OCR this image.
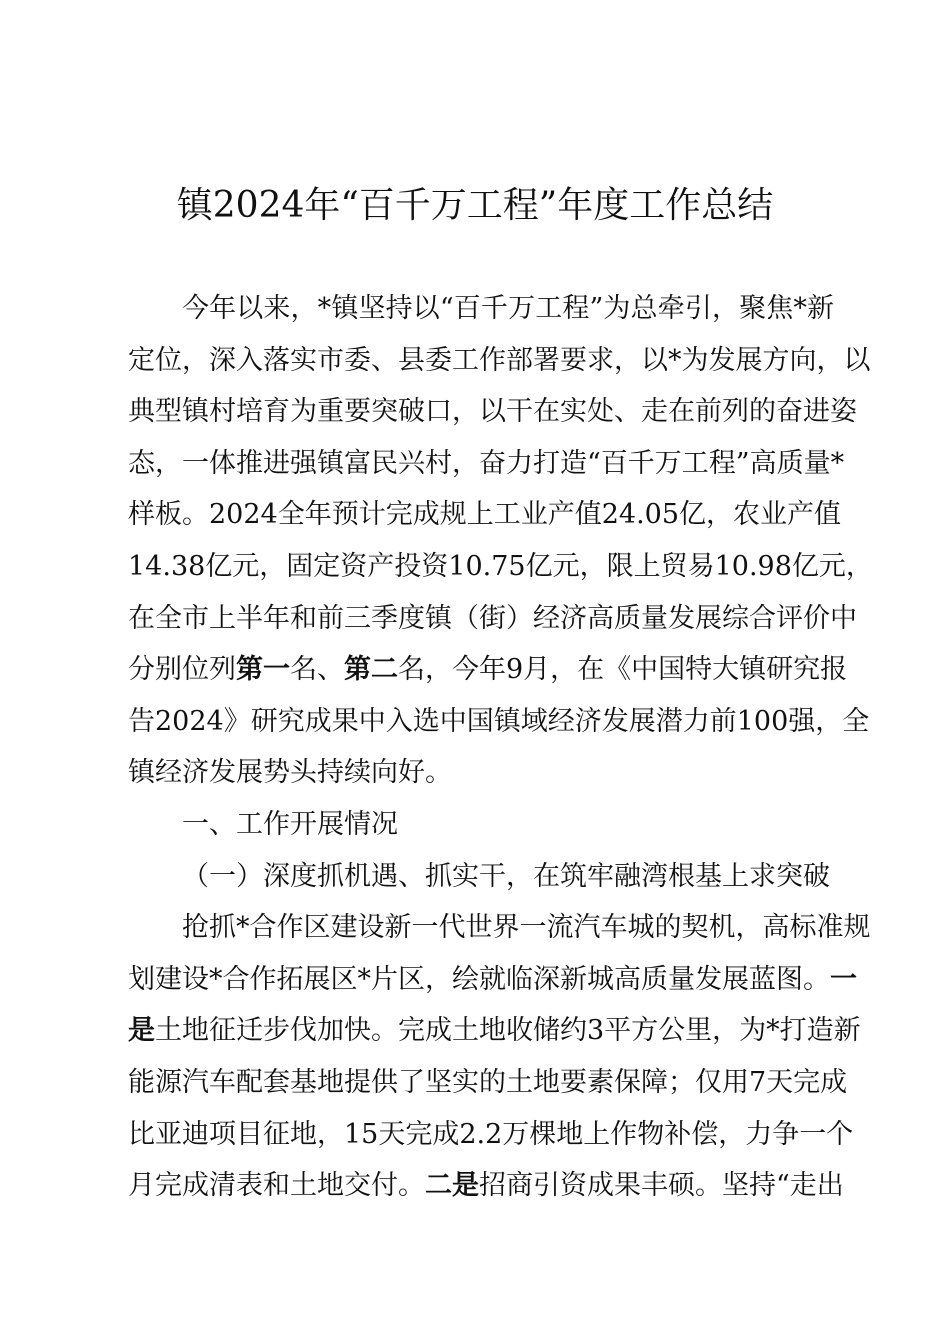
镇2024年“百千万工程”年度工作总结
今年以来，*镇坚持以“百千万工程”为总牵引，聚焦*新
定位，深入落实市委、县委工作部署要求，以*为发展方向，以
典型镇村培育为重要突破口，以干在实处、走在前列的奋进姿
态，一体推进强镇富民兴村，奋力打造“百千万工程”高质量*
样板。2024全年预计完成规上工业产值24.05亿，农业产值
14.38亿元，固定资产投资10.75亿元，限上贸易10.98亿元，
在全市上半年和前三季度镇（街）经济高质量发展综合评价中
分别位列第一名、第二名，今年9月，在《中国特大镇研究报
告2024》研究成果中入选中国镇域经济发展潜力前100强，全
镇经济发展势头持续向好。
一、工作开展情况
（一）深度抓机遇、抓实干，在筑牢融湾根基上求突破
抢抓*合作区建设新一代世界一流汽车城的契机，高标准规
划建设*合作拓展区*片区，绘就临深新城高质量发展蓝图。一
是土地征迁步伐加快。完成土地收储约3平方公里，为*打造新
能源汽车配套基地提供了坚实的土地要素保障；仅用7天完成
比亚迪项目征地，15天完成2.2万棵地上作物补偿，力争一个
月完成清表和土地交付。二是招商引资成果丰硕。坚持“走出
